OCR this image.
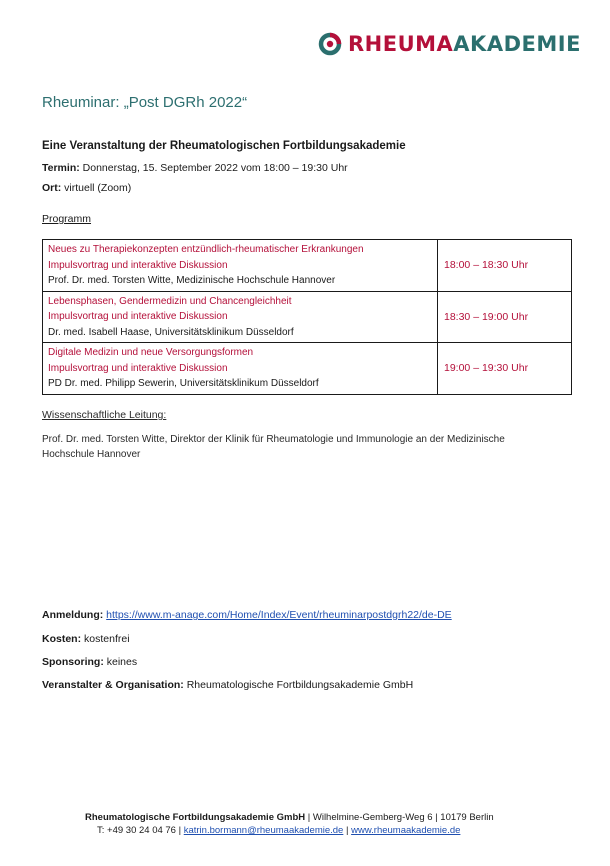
RHEUMAAKADEMIE
Rheuminar: „Post DGRh 2022“
Eine Veranstaltung der Rheumatologischen Fortbildungsakademie
Termin: Donnerstag, 15. September 2022 vom 18:00 – 19:30 Uhr
Ort: virtuell (Zoom)
Programm
Neues zu Therapiekonzepten entzündlich-rheumatischer Erkrankungen
Impulsvortrag und interaktive Diskussion
Prof. Dr. med. Torsten Witte, Medizinische Hochschule Hannover	18:00 – 18:30 Uhr

Lebensphasen, Gendermedizin und Chancengleichheit
Impulsvortrag und interaktive Diskussion
Dr. med. Isabell Haase, Universitätsklinikum Düsseldorf	18:30 – 19:00 Uhr

Digitale Medizin und neue Versorgungsformen
Impulsvortrag und interaktive Diskussion
PD Dr. med. Philipp Sewerin, Universitätsklinikum Düsseldorf	19:00 – 19:30 Uhr
Wissenschaftliche Leitung:
Prof. Dr. med. Torsten Witte, Direktor der Klinik für Rheumatologie und Immunologie an der Medizinische Hochschule Hannover
Anmeldung: https://www.m-anage.com/Home/Index/Event/rheuminarpostdgrh22/de-DE
Kosten: kostenfrei
Sponsoring: keines
Veranstalter & Organisation: Rheumatologische Fortbildungsakademie GmbH
Rheumatologische Fortbildungsakademie GmbH | Wilhelmine-Gemberg-Weg 6 | 10179 Berlin
T: +49 30 24 04 76 | katrin.bormann@rheumaakademie.de | www.rheumaakademie.de
